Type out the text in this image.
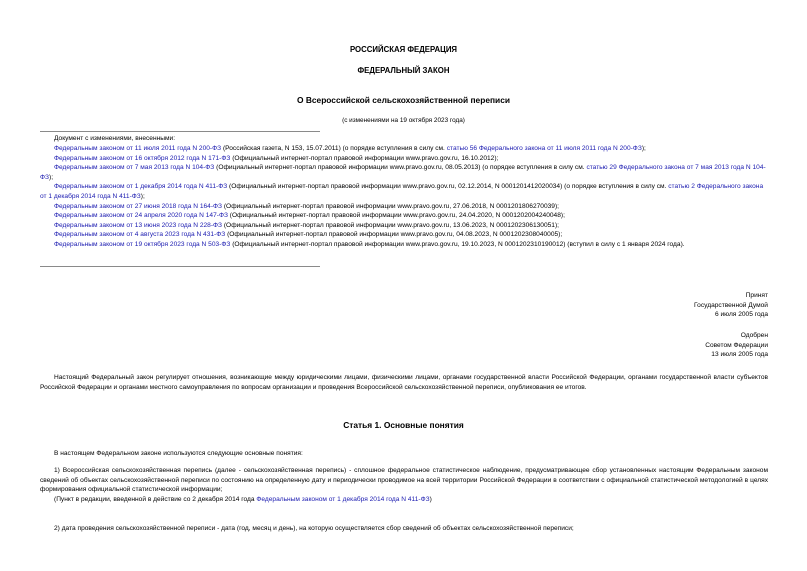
РОССИЙСКАЯ ФЕДЕРАЦИЯ
ФЕДЕРАЛЬНЫЙ ЗАКОН
О Всероссийской сельскохозяйственной переписи
(с изменениями на 19 октября 2023 года)

Документ с изменениями, внесенными:

Федеральным законом от 11 июля 2011 года N 200-ФЗ (Российская газета, N 153, 15.07.2011) (о порядке вступления в силу см. статью 56 Федерального закона от 11 июля 2011 года N 200-ФЗ);

Федеральным законом от 16 октября 2012 года N 171-ФЗ (Официальный интернет-портал правовой информации www.pravo.gov.ru, 16.10.2012);

Федеральным законом от 7 мая 2013 года N 104-ФЗ (Официальный интернет-портал правовой информации www.pravo.gov.ru, 08.05.2013) (о порядке вступления в силу см. статью 29 Федерального закона от 7 мая 2013 года N 104-ФЗ);

Федеральным законом от 1 декабря 2014 года N 411-ФЗ (Официальный интернет-портал правовой информации www.pravo.gov.ru, 02.12.2014, N 0001201412020034) (о порядке вступления в силу см. статью 2 Федерального закона от 1 декабря 2014 года N 411-ФЗ);

Федеральным законом от 27 июня 2018 года N 164-ФЗ (Официальный интернет-портал правовой информации www.pravo.gov.ru, 27.06.2018, N 0001201806270039);

Федеральным законом от 24 апреля 2020 года N 147-ФЗ (Официальный интернет-портал правовой информации www.pravo.gov.ru, 24.04.2020, N 0001202004240048);

Федеральным законом от 13 июня 2023 года N 228-ФЗ (Официальный интернет-портал правовой информации www.pravo.gov.ru, 13.06.2023, N 0001202306130051);

Федеральным законом от 4 августа 2023 года N 431-ФЗ (Официальный интернет-портал правовой информации www.pravo.gov.ru, 04.08.2023, N 0001202308040005);

Федеральным законом от 19 октября 2023 года N 503-ФЗ (Официальный интернет-портал правовой информации www.pravo.gov.ru, 19.10.2023, N 0001202310190012) (вступил в силу с 1 января 2024 года).

Принят

Государственной Думой

6 июля 2005 года

Одобрен

Советом Федерации

13 июля 2005 года

Настоящий Федеральный закон регулирует отношения, возникающие между юридическими лицами, физическими лицами, органами государственной власти Российской Федерации, органами государственной власти субъектов Российской Федерации и органами местного самоуправления по вопросам организации и проведения Всероссийской сельскохозяйственной переписи, опубликования ее итогов.

Статья 1. Основные понятия

В настоящем Федеральном законе используются следующие основные понятия:

1) Всероссийская сельскохозяйственная перепись (далее - сельскохозяйственная перепись) - сплошное федеральное статистическое наблюдение, предусматривающее сбор установленных настоящим Федеральным законом сведений об объектах сельскохозяйственной переписи по состоянию на определенную дату и периодически проводимое на всей территории Российской Федерации в соответствии с официальной статистической методологией в целях формирования официальной статистической информации;

(Пункт в редакции, введенной в действие со 2 декабря 2014 года Федеральным законом от 1 декабря 2014 года N 411-ФЗ)

2) дата проведения сельскохозяйственной переписи - дата (год, месяц и день), на которую осуществляется сбор сведений об объектах сельскохозяйственной переписи;
